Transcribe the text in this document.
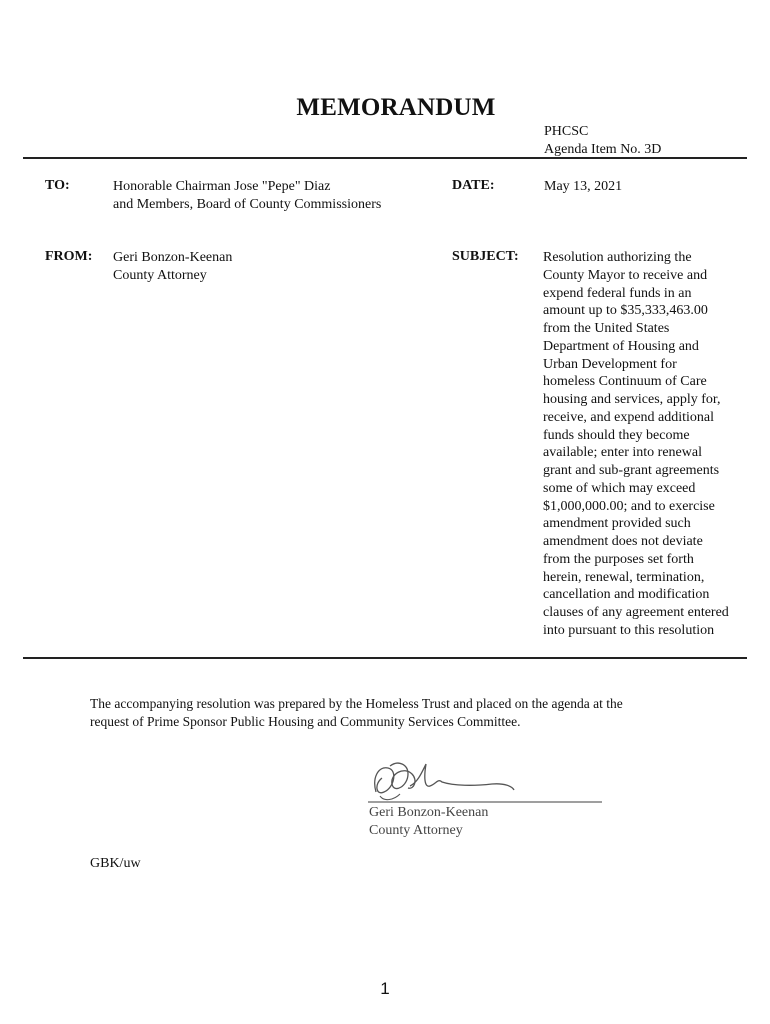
MEMORANDUM
PHCSC
Agenda Item No. 3D
TO:	Honorable Chairman Jose "Pepe" Diaz
and Members, Board of County Commissioners
DATE:	May 13, 2021
FROM: Geri Bonzon-Keenan
County Attorney
SUBJECT: Resolution authorizing the
County Mayor to receive and
expend federal funds in an
amount up to $35,333,463.00
from the United States
Department of Housing and
Urban Development for
homeless Continuum of Care
housing and services, apply for,
receive, and expend additional
funds should they become
available; enter into renewal
grant and sub-grant agreements
some of which may exceed
$1,000,000.00; and to exercise
amendment provided such
amendment does not deviate
from the purposes set forth
herein, renewal, termination,
cancellation and modification
clauses of any agreement entered
into pursuant to this resolution
The accompanying resolution was prepared by the Homeless Trust and placed on the agenda at the
request of Prime Sponsor Public Housing and Community Services Committee.
Geri Bonzon-Keenan
County Attorney
GBK/uw
1
